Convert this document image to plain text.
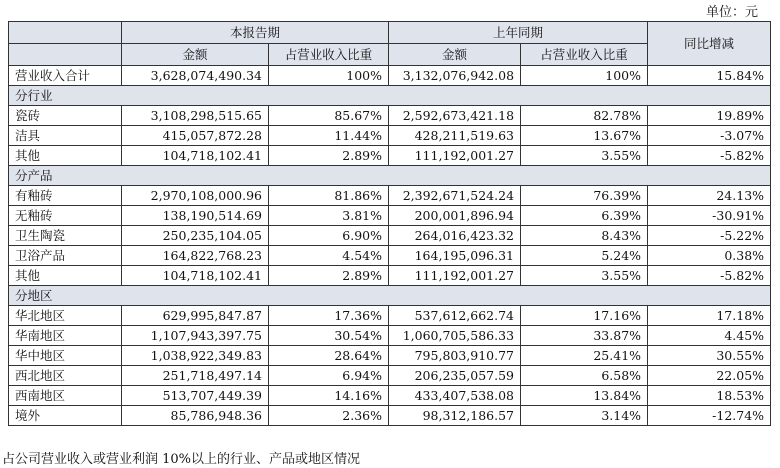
单位：元
	本报告期		上年同期		同比增减
	金额	占营业收入比重	金额	占营业收入比重	
营业收入合计	3,628,074,490.34	100%	3,132,076,942.08	100%	15.84%
分行业					
瓷砖	3,108,298,515.65	85.67%	2,592,673,421.18	82.78%	19.89%
洁具	415,057,872.28	11.44%	428,211,519.63	13.67%	-3.07%
其他	104,718,102.41	2.89%	111,192,001.27	3.55%	-5.82%
分产品					
有釉砖	2,970,108,000.96	81.86%	2,392,671,524.24	76.39%	24.13%
无釉砖	138,190,514.69	3.81%	200,001,896.94	6.39%	-30.91%
卫生陶瓷	250,235,104.05	6.90%	264,016,423.32	8.43%	-5.22%
卫浴产品	164,822,768.23	4.54%	164,195,096.31	5.24%	0.38%
其他	104,718,102.41	2.89%	111,192,001.27	3.55%	-5.82%
分地区					
华北地区	629,995,847.87	17.36%	537,612,662.74	17.16%	17.18%
华南地区	1,107,943,397.75	30.54%	1,060,705,586.33	33.87%	4.45%
华中地区	1,038,922,349.83	28.64%	795,803,910.77	25.41%	30.55%
西北地区	251,718,497.14	6.94%	206,235,057.59	6.58%	22.05%
西南地区	513,707,449.39	14.16%	433,407,538.08	13.84%	18.53%
境外	85,786,948.36	2.36%	98,312,186.57	3.14%	-12.74%
占公司营业收入或营业利润 10%以上的行业、产品或地区情况
